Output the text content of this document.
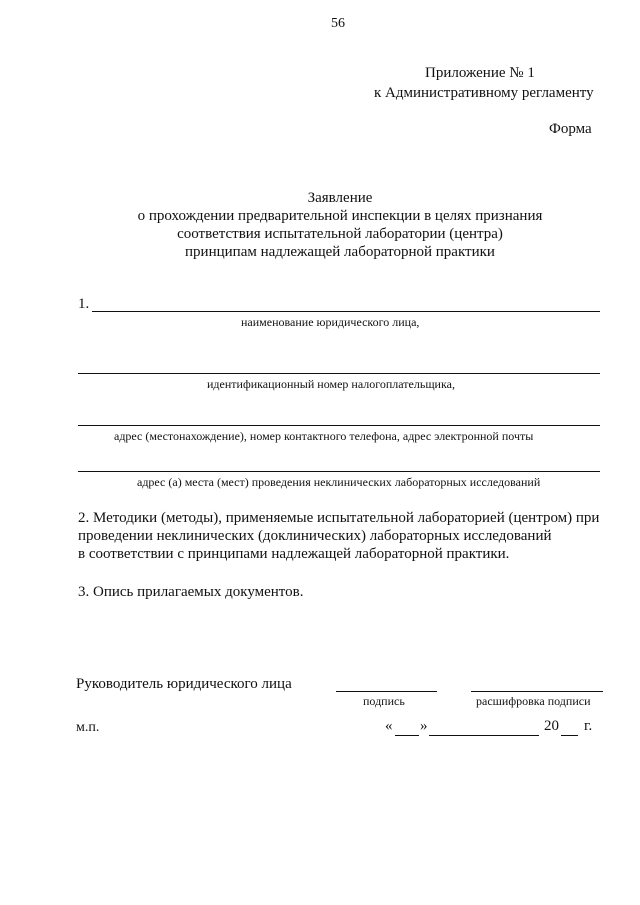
56
Приложение № 1
к Административному регламенту
Форма
Заявление
о прохождении предварительной инспекции в целях признания
соответствия испытательной лаборатории (центра)
принципам надлежащей лабораторной практики
1.
наименование юридического лица,
идентификационный номер налогоплательщика,
адрес (местонахождение), номер контактного телефона, адрес электронной почты
адрес (а) места (мест) проведения неклинических лабораторных исследований
2. Методики (методы), применяемые испытательной лабораторией (центром) при
проведении неклинических (доклинических) лабораторных исследований
в соответствии с принципами надлежащей лабораторной практики.
3. Опись прилагаемых документов.
Руководитель юридического лица
подпись	расшифровка подписи
м.п.	« »	20 г.
